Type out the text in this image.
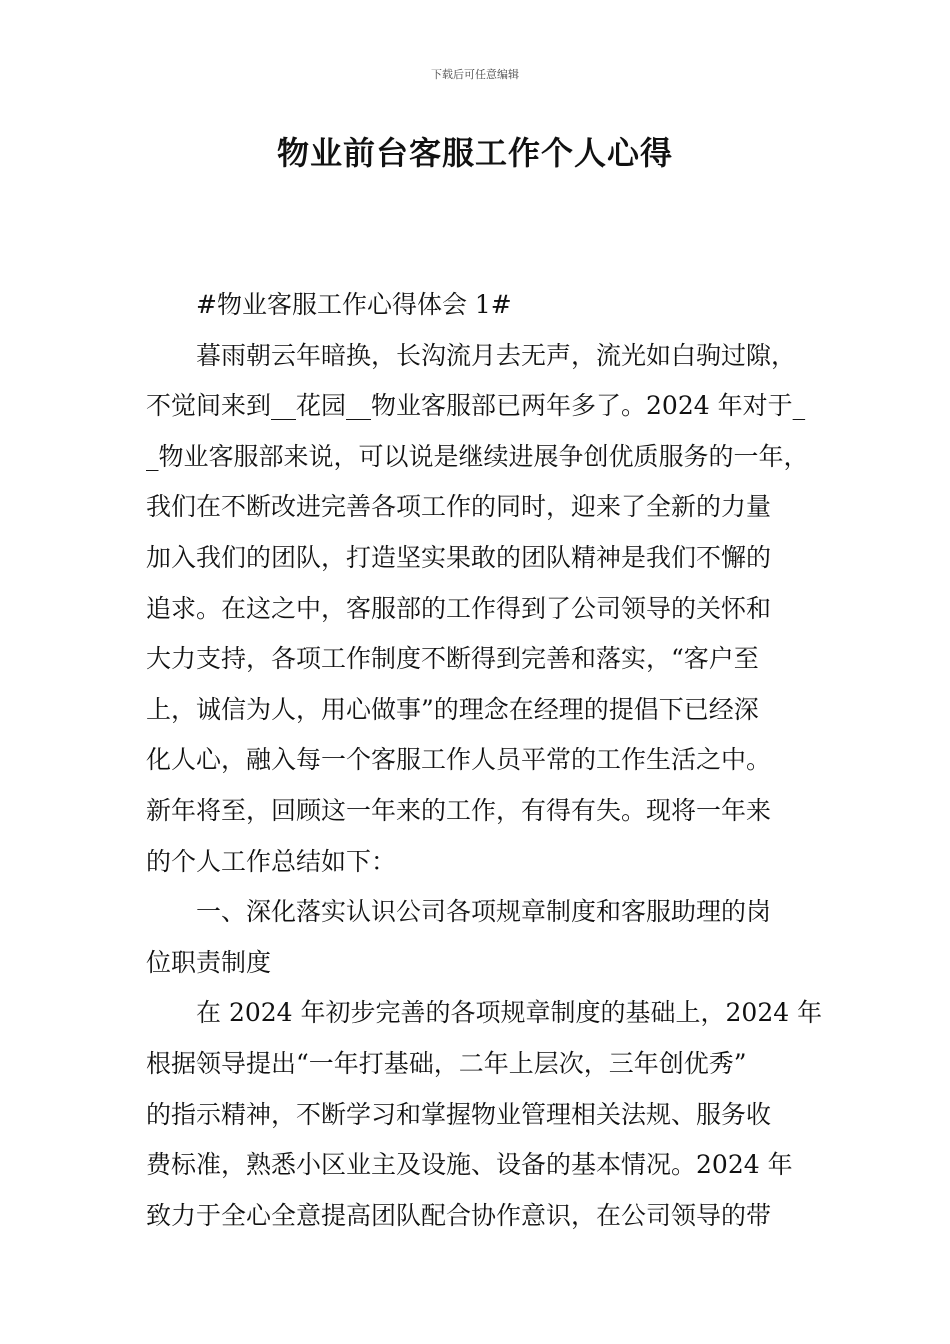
下载后可任意编辑
物业前台客服工作个人心得
#物业客服工作心得体会 1#
暮雨朝云年暗换，长沟流月去无声，流光如白驹过隙，
不觉间来到__花园__物业客服部已两年多了。2024 年对于_
_物业客服部来说，可以说是继续进展争创优质服务的一年，
我们在不断改进完善各项工作的同时，迎来了全新的力量
加入我们的团队，打造坚实果敢的团队精神是我们不懈的
追求。在这之中，客服部的工作得到了公司领导的关怀和
大力支持，各项工作制度不断得到完善和落实，“客户至
上，诚信为人，用心做事”的理念在经理的提倡下已经深
化人心，融入每一个客服工作人员平常的工作生活之中。
新年将至，回顾这一年来的工作，有得有失。现将一年来
的个人工作总结如下：
一、深化落实认识公司各项规章制度和客服助理的岗
位职责制度
在 2024 年初步完善的各项规章制度的基础上，2024 年
根据领导提出“一年打基础，二年上层次，三年创优秀”
的指示精神，不断学习和掌握物业管理相关法规、服务收
费标准，熟悉小区业主及设施、设备的基本情况。2024 年
致力于全心全意提高团队配合协作意识，在公司领导的带
